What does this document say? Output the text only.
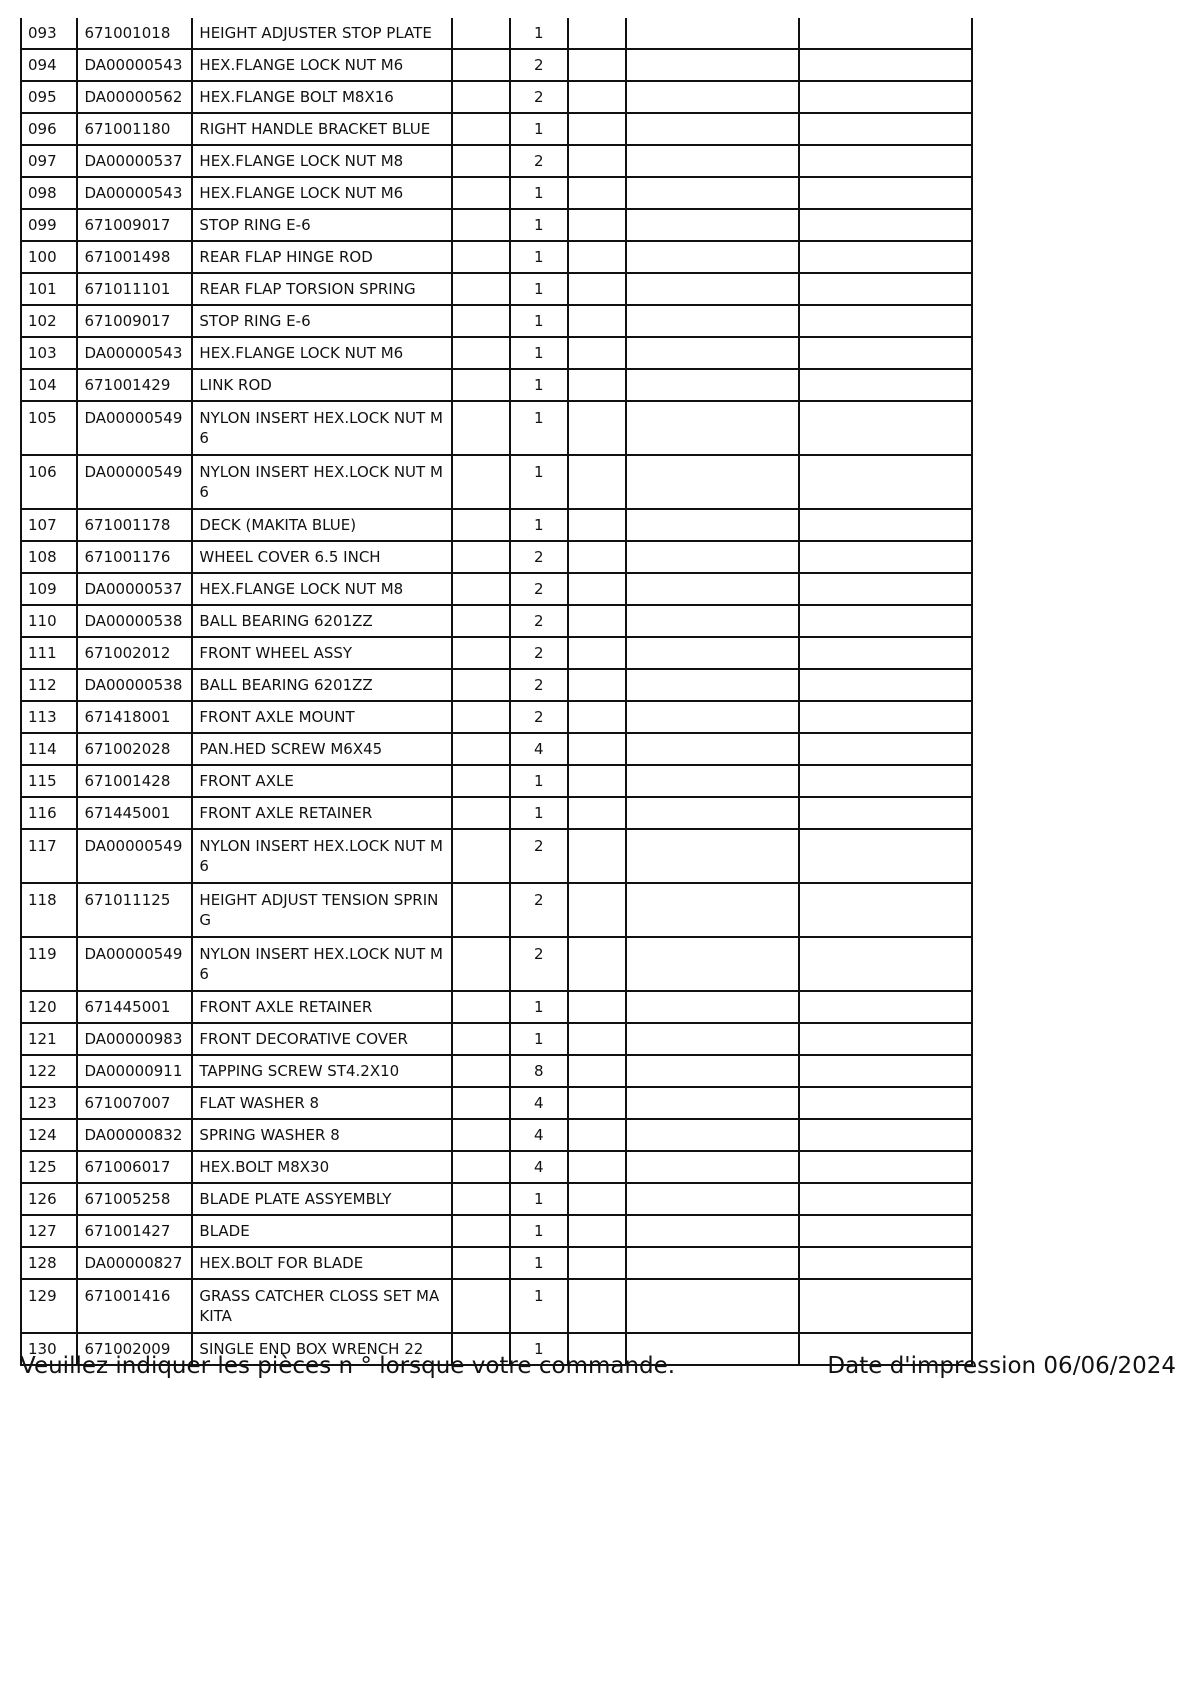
093	671001018	HEIGHT ADJUSTER STOP PLATE		1			
094	DA00000543	HEX.FLANGE LOCK NUT M6		2			
095	DA00000562	HEX.FLANGE BOLT M8X16		2			
096	671001180	RIGHT HANDLE BRACKET BLUE		1			
097	DA00000537	HEX.FLANGE LOCK NUT M8		2			
098	DA00000543	HEX.FLANGE LOCK NUT M6		1			
099	671009017	STOP RING E-6		1			
100	671001498	REAR FLAP HINGE ROD		1			
101	671011101	REAR FLAP TORSION SPRING		1			
102	671009017	STOP RING E-6		1			
103	DA00000543	HEX.FLANGE LOCK NUT M6		1			
104	671001429	LINK ROD		1			
105	DA00000549	NYLON INSERT HEX.LOCK NUT M6		1			
106	DA00000549	NYLON INSERT HEX.LOCK NUT M6		1			
107	671001178	DECK (MAKITA BLUE)		1			
108	671001176	WHEEL COVER 6.5 INCH		2			
109	DA00000537	HEX.FLANGE LOCK NUT M8		2			
110	DA00000538	BALL BEARING 6201ZZ		2			
111	671002012	FRONT WHEEL ASSY		2			
112	DA00000538	BALL BEARING 6201ZZ		2			
113	671418001	FRONT AXLE MOUNT		2			
114	671002028	PAN.HED SCREW M6X45		4			
115	671001428	FRONT AXLE		1			
116	671445001	FRONT AXLE RETAINER		1			
117	DA00000549	NYLON INSERT HEX.LOCK NUT M6		2			
118	671011125	HEIGHT ADJUST TENSION SPRING		2			
119	DA00000549	NYLON INSERT HEX.LOCK NUT M6		2			
120	671445001	FRONT AXLE RETAINER		1			
121	DA00000983	FRONT DECORATIVE COVER		1			
122	DA00000911	TAPPING SCREW ST4.2X10		8			
123	671007007	FLAT WASHER 8		4			
124	DA00000832	SPRING WASHER 8		4			
125	671006017	HEX.BOLT M8X30		4			
126	671005258	BLADE PLATE ASSYEMBLY		1			
127	671001427	BLADE		1			
128	DA00000827	HEX.BOLT FOR BLADE		1			
129	671001416	GRASS CATCHER CLOSS SET MAKITA		1			
130	671002009	SINGLE END BOX WRENCH 22		1			
Veuillez indiquer les pièces n ° lorsque votre commande.	Date d'impression 06/06/2024
